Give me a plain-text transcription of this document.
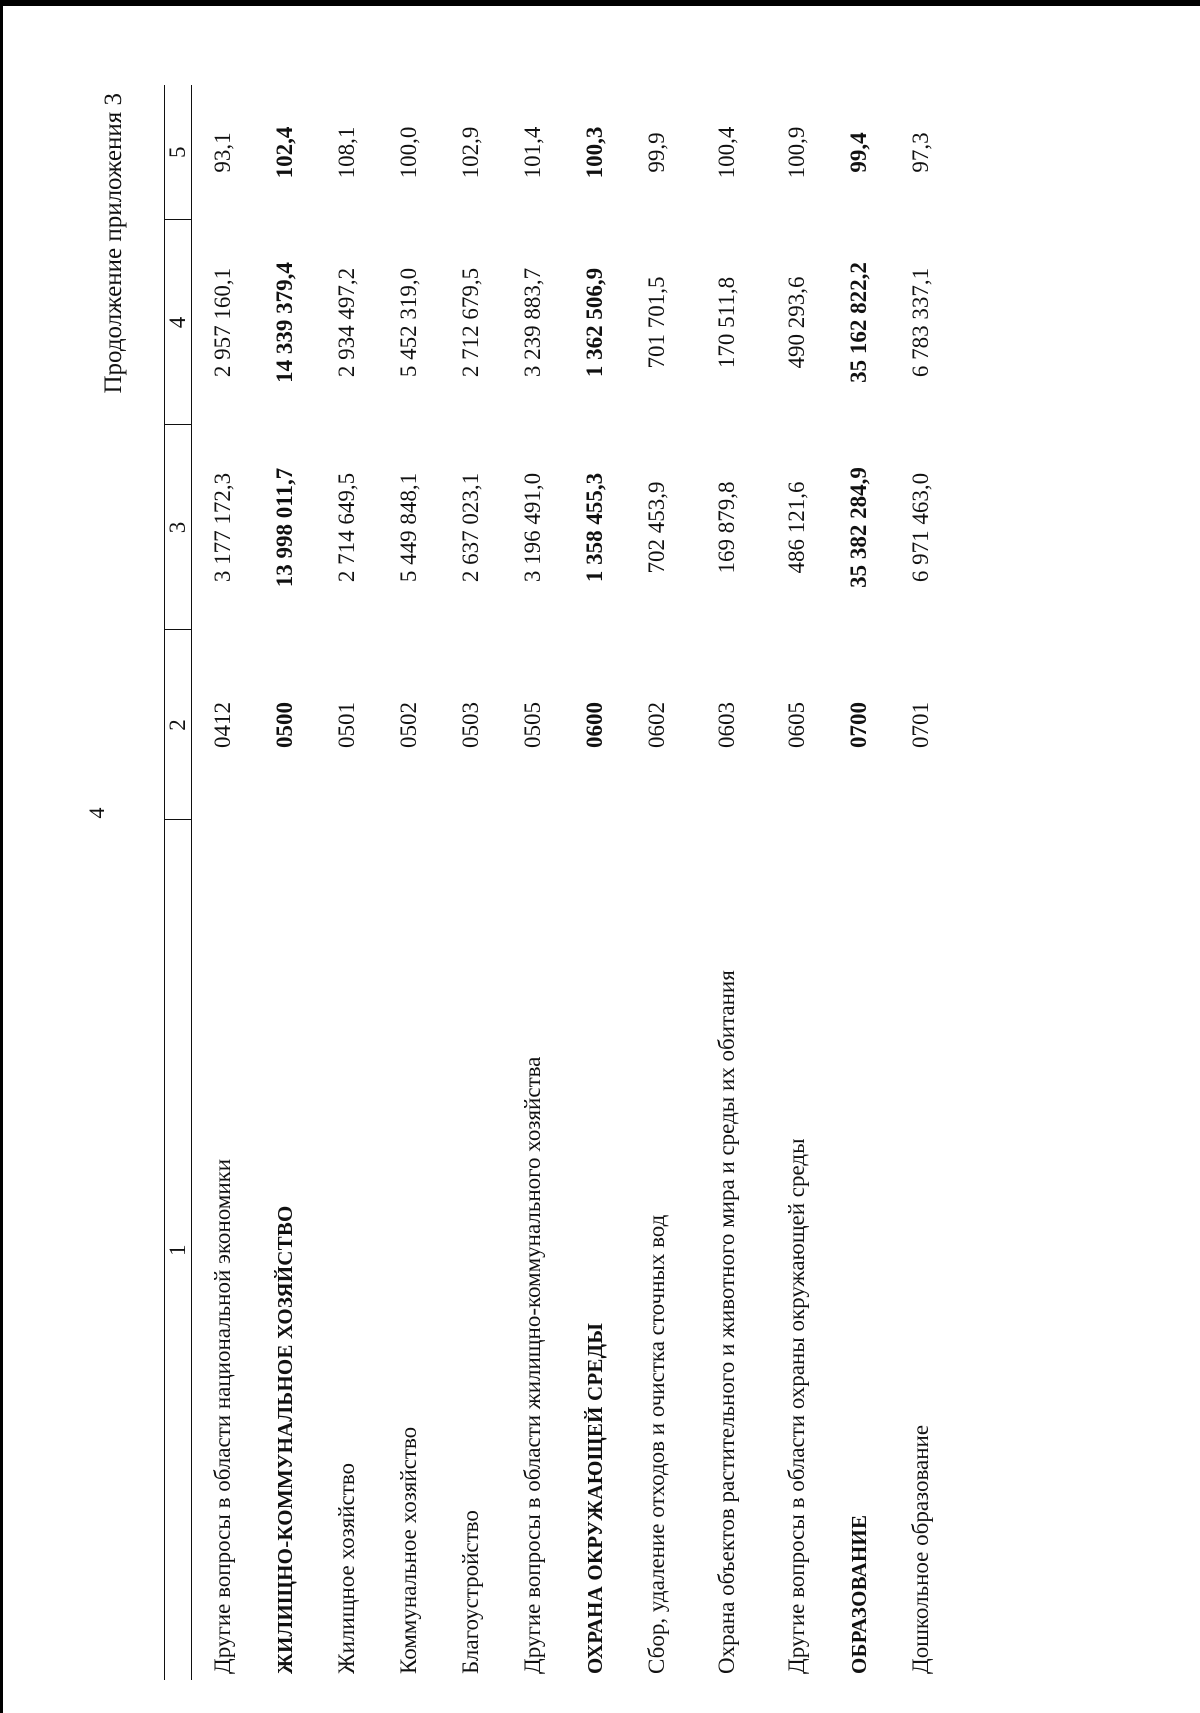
4
Продолжение приложения 3
1	2	3	4	5
Другие вопросы в области национальной экономики	0412	3 177 172,3	2 957 160,1	93,1
ЖИЛИЩНО-КОММУНАЛЬНОЕ ХОЗЯЙСТВО	0500	13 998 011,7	14 339 379,4	102,4
Жилищное хозяйство	0501	2 714 649,5	2 934 497,2	108,1
Коммунальное хозяйство	0502	5 449 848,1	5 452 319,0	100,0
Благоустройство	0503	2 637 023,1	2 712 679,5	102,9
Другие вопросы в области жилищно-коммунального хозяйства	0505	3 196 491,0	3 239 883,7	101,4
ОХРАНА ОКРУЖАЮЩЕЙ СРЕДЫ	0600	1 358 455,3	1 362 506,9	100,3
Сбор, удаление отходов и очистка сточных вод	0602	702 453,9	701 701,5	99,9
Охрана объектов растительного и животного мира и среды их обитания	0603	169 879,8	170 511,8	100,4
Другие вопросы в области охраны окружающей среды	0605	486 121,6	490 293,6	100,9
ОБРАЗОВАНИЕ	0700	35 382 284,9	35 162 822,2	99,4
Дошкольное образование	0701	6 971 463,0	6 783 337,1	97,3
